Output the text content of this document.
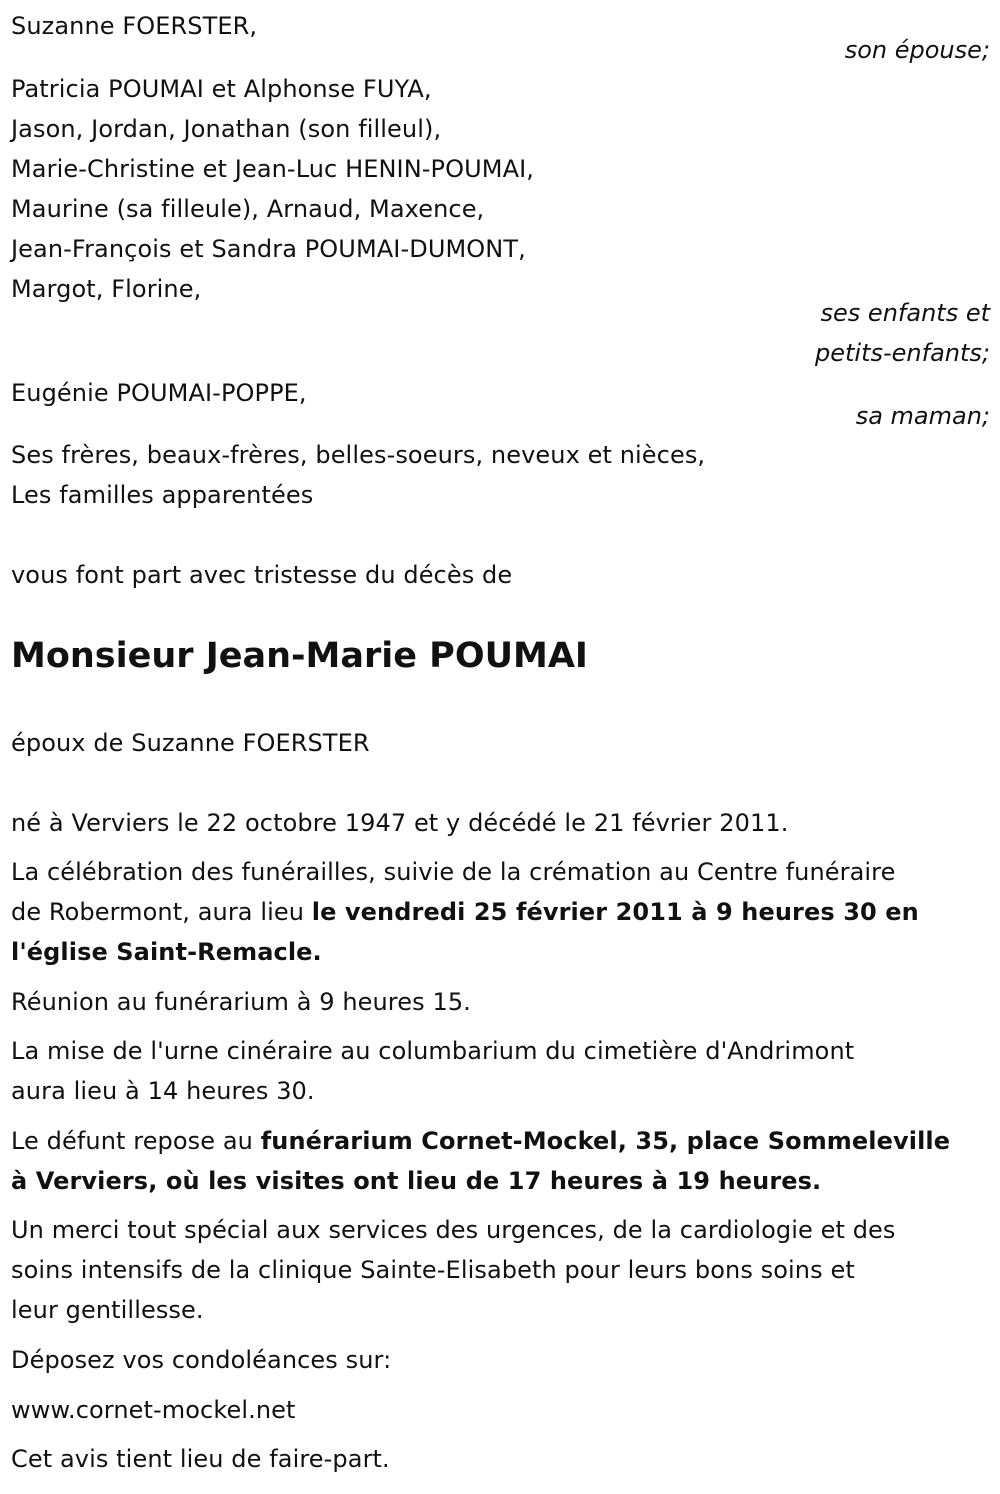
Suzanne FOERSTER,
son épouse;
Patricia POUMAI et Alphonse FUYA,
Jason, Jordan, Jonathan (son filleul),
Marie-Christine et Jean-Luc HENIN-POUMAI,
Maurine (sa filleule), Arnaud, Maxence,
Jean-François et Sandra POUMAI-DUMONT,
Margot, Florine,
ses enfants et
petits-enfants;
Eugénie POUMAI-POPPE,
sa maman;
Ses frères, beaux-frères, belles-soeurs, neveux et nièces,
Les familles apparentées
vous font part avec tristesse du décès de
Monsieur Jean-Marie POUMAI
époux de Suzanne FOERSTER
né à Verviers le 22 octobre 1947 et y décédé le 21 février 2011.
La célébration des funérailles, suivie de la crémation au Centre funéraire
de Robermont, aura lieu le vendredi 25 février 2011 à 9 heures 30 en
l'église Saint-Remacle.
Réunion au funérarium à 9 heures 15.
La mise de l'urne cinéraire au columbarium du cimetière d'Andrimont
aura lieu à 14 heures 30.
Le défunt repose au funérarium Cornet-Mockel, 35, place Sommeleville
à Verviers, où les visites ont lieu de 17 heures à 19 heures.
Un merci tout spécial aux services des urgences, de la cardiologie et des
soins intensifs de la clinique Sainte-Elisabeth pour leurs bons soins et
leur gentillesse.
Déposez vos condoléances sur:
www.cornet-mockel.net
Cet avis tient lieu de faire-part.
